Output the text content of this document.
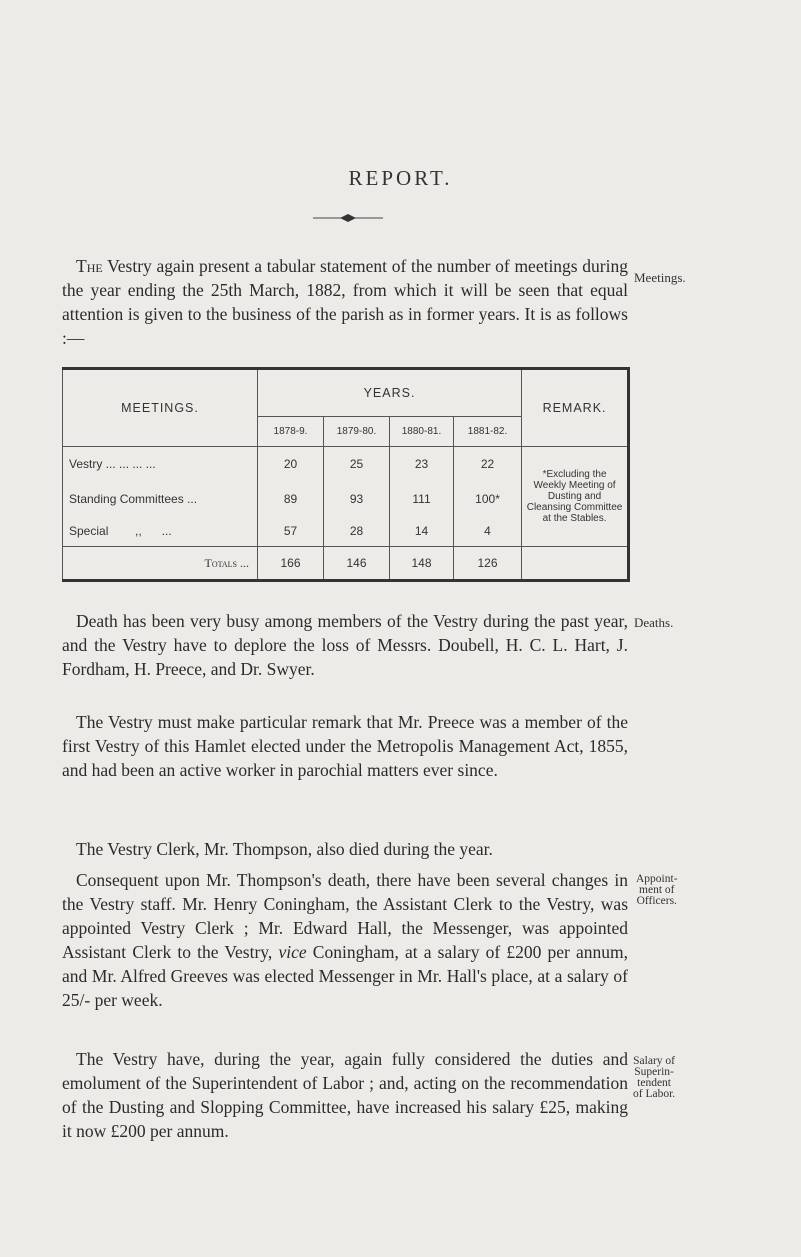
REPORT.
The Vestry again present a tabular statement of the number of meetings during the year ending the 25th March, 1882, from which it will be seen that equal attention is given to the business of the parish as in former years. It is as follows :—
Meetings.
MEETINGS.	YEARS.				REMARK.
	1878-9.	1879-80.	1880-81.	1881-82.	
Vestry ... ... ... ...	20	25	23	22	*Excluding the Weekly Meeting of Dusting and Cleansing Committee at the Stables.
Standing Committees ...	89	93	111	100*	
Special        ,,      ...	57	28	14	4	
Totals ...	166	146	148	126	
Death has been very busy among members of the Vestry during the past year, and the Vestry have to deplore the loss of Messrs. Doubell, H. C. L. Hart, J. Fordham, H. Preece, and Dr. Swyer.
Deaths.
The Vestry must make particular remark that Mr. Preece was a member of the first Vestry of this Hamlet elected under the Metropolis Management Act, 1855, and had been an active worker in parochial matters ever since.
The Vestry Clerk, Mr. Thompson, also died during the year.
Consequent upon Mr. Thompson's death, there have been several changes in the Vestry staff. Mr. Henry Coningham, the Assistant Clerk to the Vestry, was appointed Vestry Clerk ; Mr. Edward Hall, the Messenger, was appointed Assistant Clerk to the Vestry, vice Coningham, at a salary of £200 per annum, and Mr. Alfred Greeves was elected Messenger in Mr. Hall's place, at a salary of 25/- per week.
Appoint-
ment of
Officers.
The Vestry have, during the year, again fully considered the duties and emolument of the Superintendent of Labor ; and, acting on the recommendation of the Dusting and Slopping Committee, have increased his salary £25, making it now £200 per annum.
Salary of
Superin-
tendent
of Labor.
